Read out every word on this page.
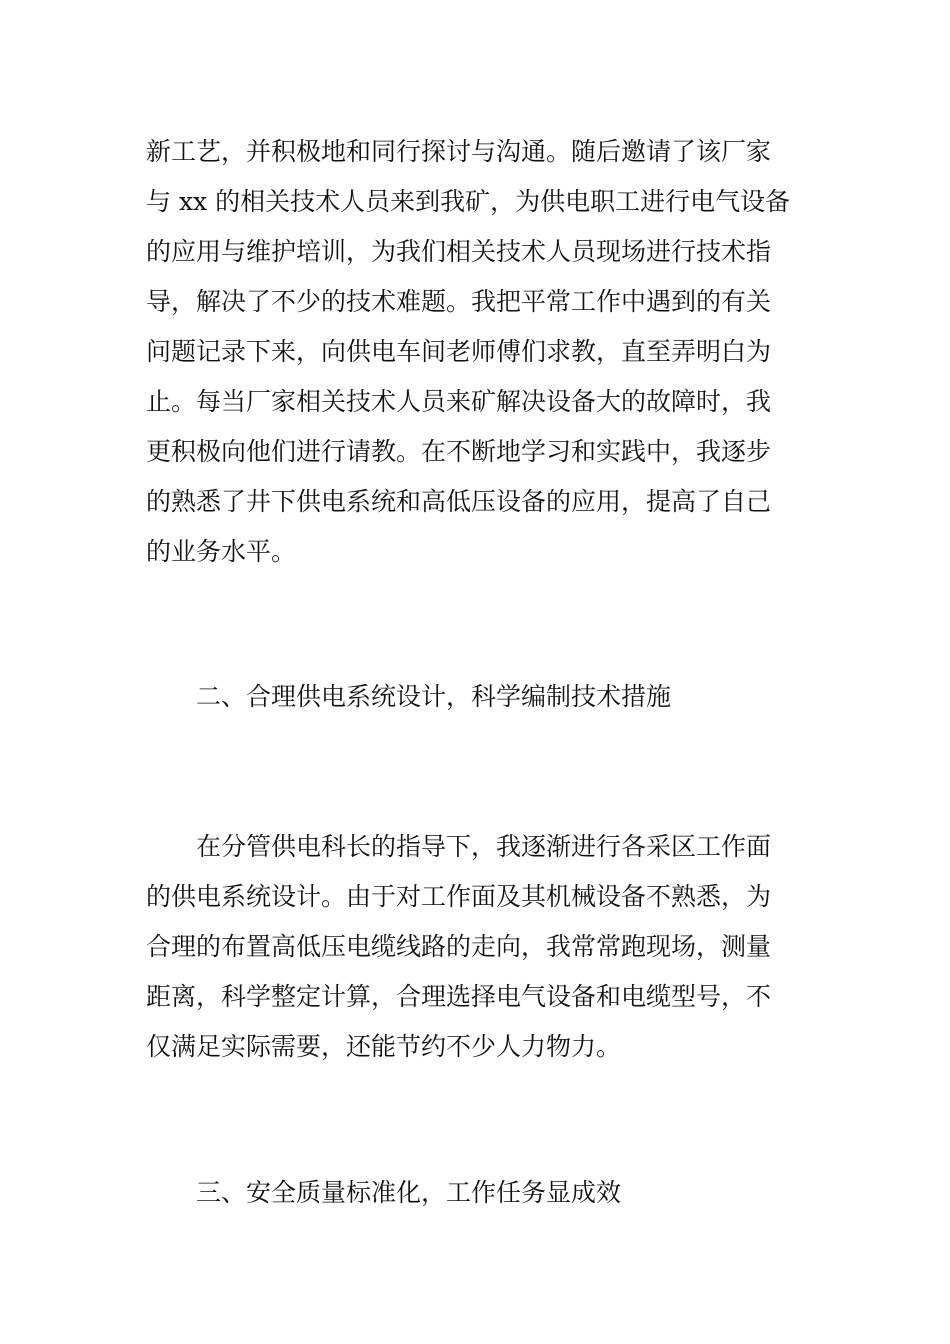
新工艺，并积极地和同行探讨与沟通。随后邀请了该厂家
与 xx 的相关技术人员来到我矿，为供电职工进行电气设备
的应用与维护培训，为我们相关技术人员现场进行技术指
导，解决了不少的技术难题。我把平常工作中遇到的有关
问题记录下来，向供电车间老师傅们求教，直至弄明白为
止。每当厂家相关技术人员来矿解决设备大的故障时，我
更积极向他们进行请教。在不断地学习和实践中，我逐步
的熟悉了井下供电系统和高低压设备的应用，提高了自己
的业务水平。
二、合理供电系统设计，科学编制技术措施
在分管供电科长的指导下，我逐渐进行各采区工作面
的供电系统设计。由于对工作面及其机械设备不熟悉，为
合理的布置高低压电缆线路的走向，我常常跑现场，测量
距离，科学整定计算，合理选择电气设备和电缆型号，不
仅满足实际需要，还能节约不少人力物力。
三、安全质量标准化，工作任务显成效
